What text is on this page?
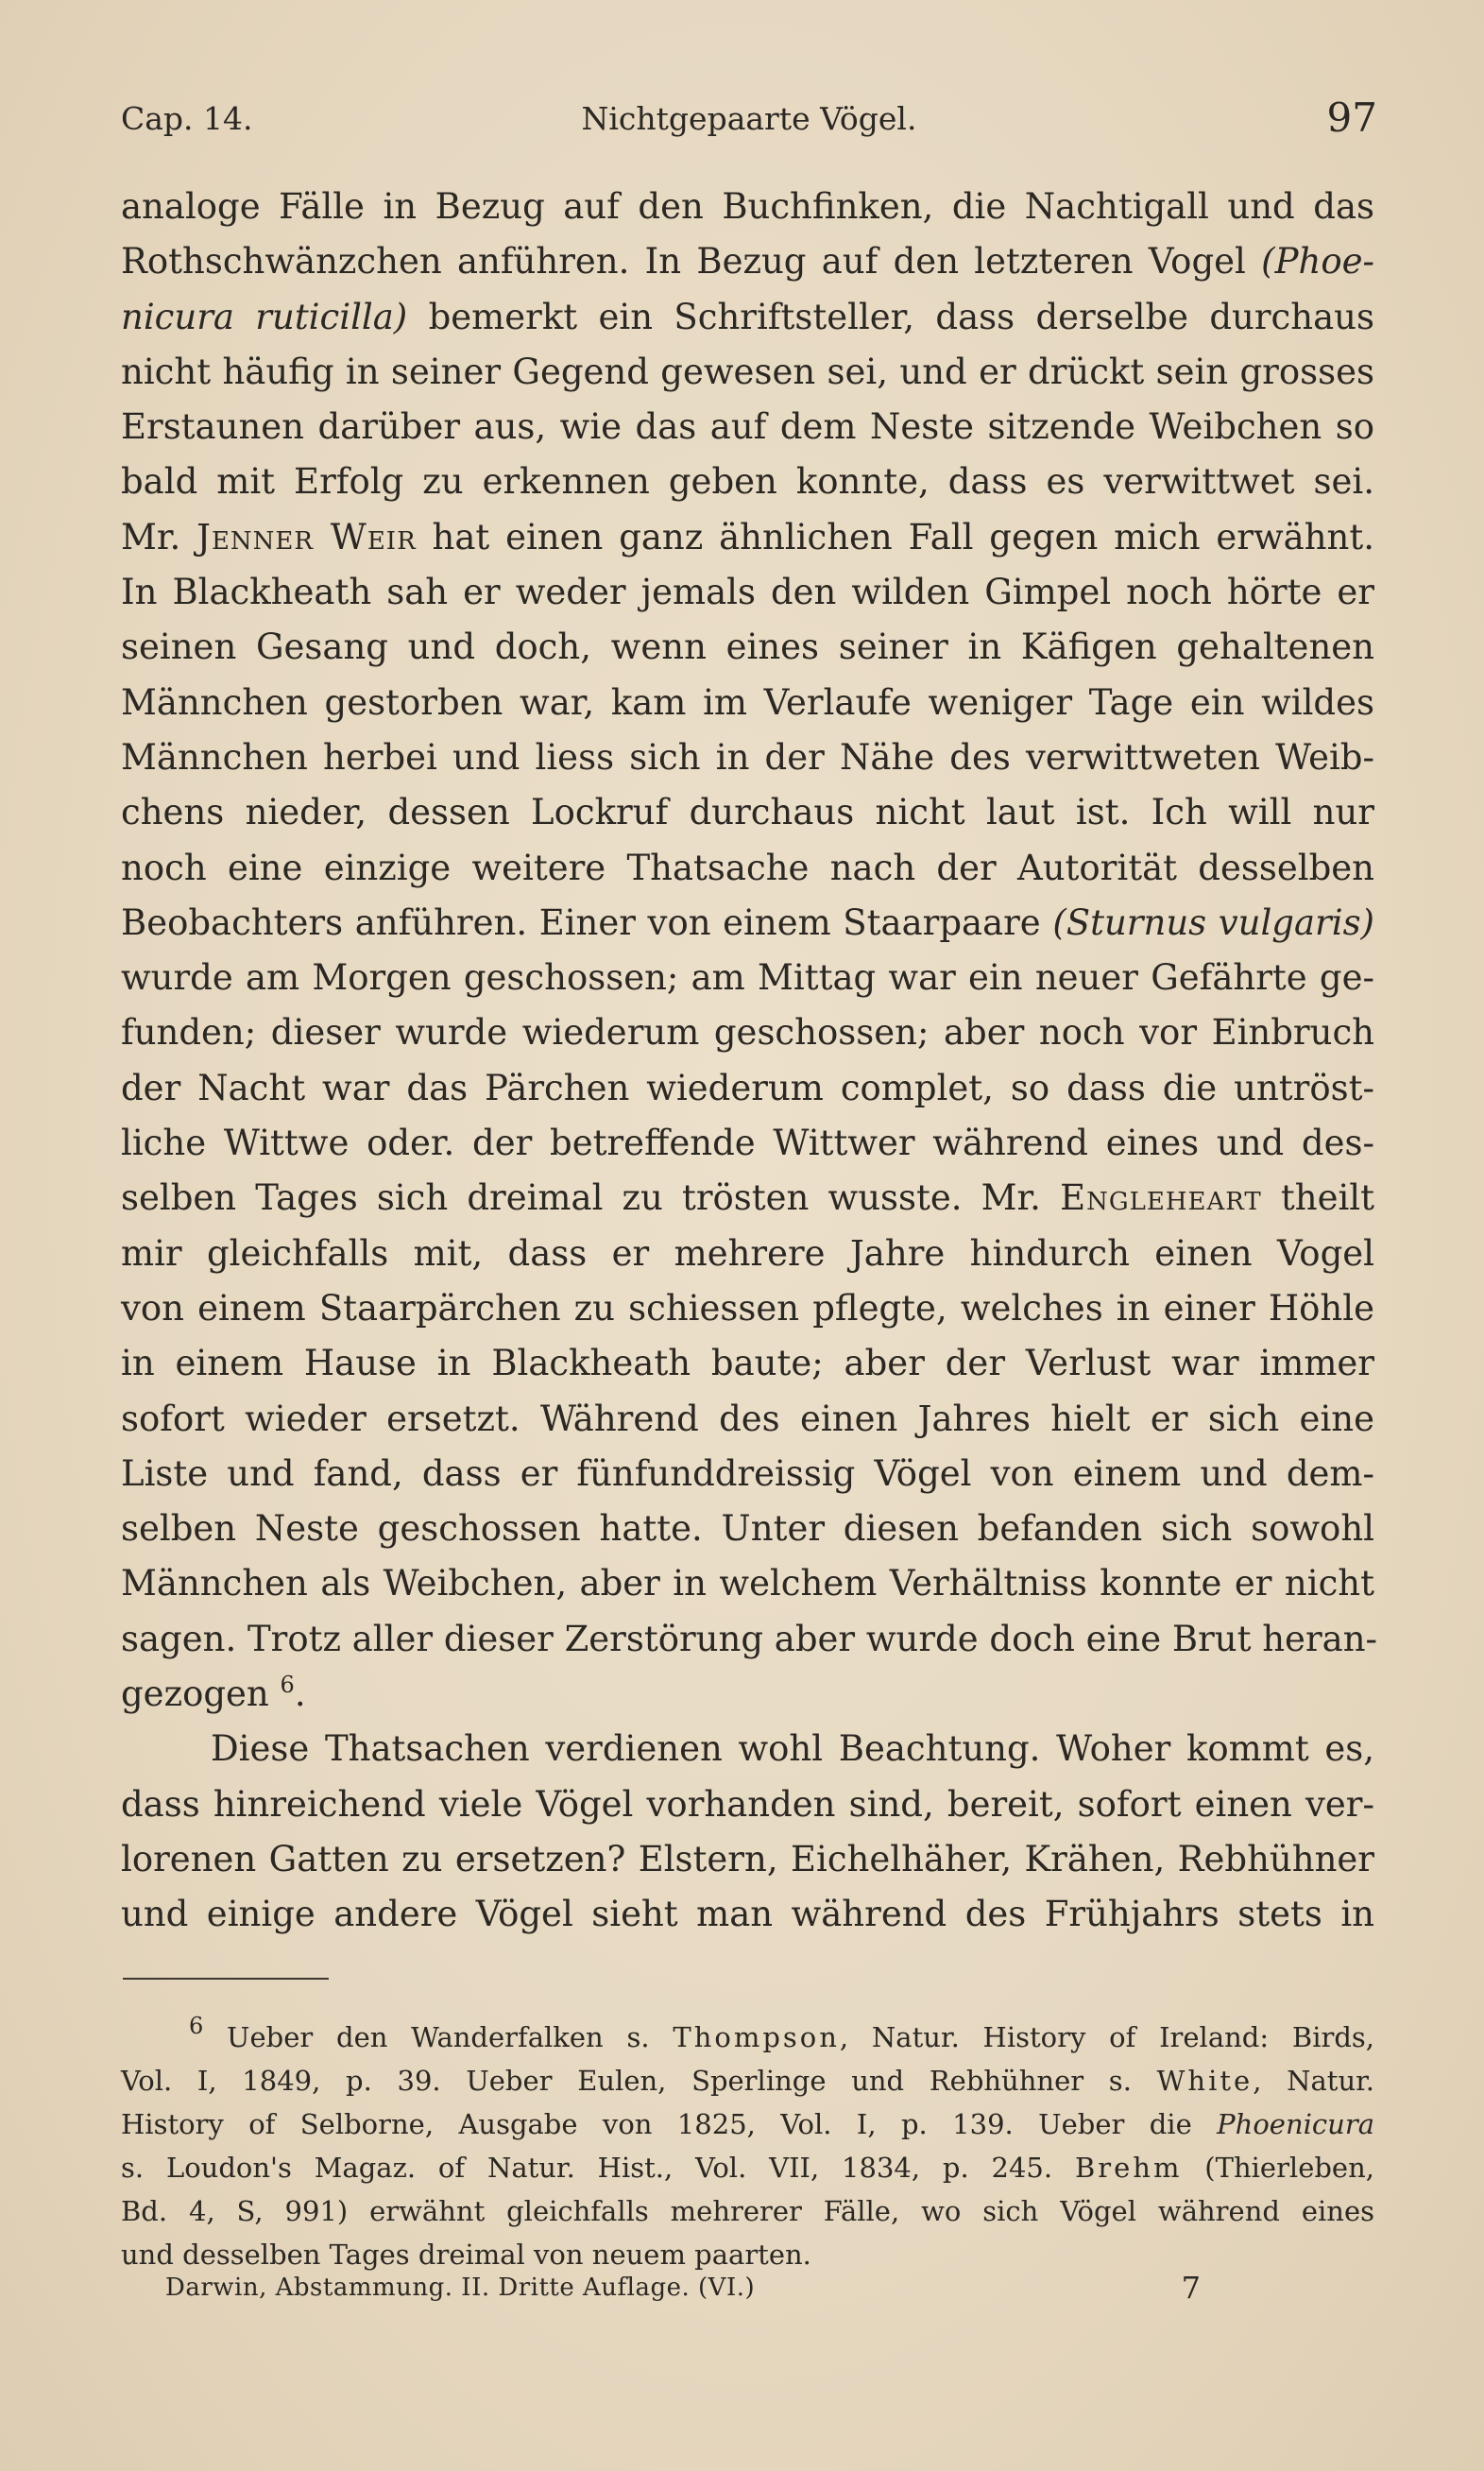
Cap. 14.	Nichtgepaarte Vögel.	97
analoge Fälle in Bezug auf den Buchfinken, die Nachtigall und das
Rothschwänzchen anführen. In Bezug auf den letzteren Vogel (Phoe-
nicura ruticilla) bemerkt ein Schriftsteller, dass derselbe durchaus
nicht häufig in seiner Gegend gewesen sei, und er drückt sein grosses
Erstaunen darüber aus, wie das auf dem Neste sitzende Weibchen so
bald mit Erfolg zu erkennen geben konnte, dass es verwittwet sei.
Mr. Jenner Weir hat einen ganz ähnlichen Fall gegen mich erwähnt.
In Blackheath sah er weder jemals den wilden Gimpel noch hörte er
seinen Gesang und doch, wenn eines seiner in Käfigen gehaltenen
Männchen gestorben war, kam im Verlaufe weniger Tage ein wildes
Männchen herbei und liess sich in der Nähe des verwittweten Weib-
chens nieder, dessen Lockruf durchaus nicht laut ist. Ich will nur
noch eine einzige weitere Thatsache nach der Autorität desselben
Beobachters anführen. Einer von einem Staarpaare (Sturnus vulgaris)
wurde am Morgen geschossen; am Mittag war ein neuer Gefährte ge-
funden; dieser wurde wiederum geschossen; aber noch vor Einbruch
der Nacht war das Pärchen wiederum complet, so dass die untröst-
liche Wittwe oder. der betreffende Wittwer während eines und des-
selben Tages sich dreimal zu trösten wusste. Mr. Engleheart theilt
mir gleichfalls mit, dass er mehrere Jahre hindurch einen Vogel
von einem Staarpärchen zu schiessen pflegte, welches in einer Höhle
in einem Hause in Blackheath baute; aber der Verlust war immer
sofort wieder ersetzt. Während des einen Jahres hielt er sich eine
Liste und fand, dass er fünfunddreissig Vögel von einem und dem-
selben Neste geschossen hatte. Unter diesen befanden sich sowohl
Männchen als Weibchen, aber in welchem Verhältniss konnte er nicht
sagen. Trotz aller dieser Zerstörung aber wurde doch eine Brut heran-
gezogen $^6$.
Diese Thatsachen verdienen wohl Beachtung. Woher kommt es,
dass hinreichend viele Vögel vorhanden sind, bereit, sofort einen ver-
lorenen Gatten zu ersetzen? Elstern, Eichelhäher, Krähen, Rebhühner
und einige andere Vögel sieht man während des Frühjahrs stets in
$^6$ Ueber den Wanderfalken s. Thompson, Natur. History of Ireland: Birds,
Vol. I, 1849, p. 39. Ueber Eulen, Sperlinge und Rebhühner s. White, Natur.
History of Selborne, Ausgabe von 1825, Vol. I, p. 139. Ueber die Phoenicura
s. Loudon's Magaz. of Natur. Hist., Vol. VII, 1834, p. 245. Brehm (Thierleben,
Bd. 4, S, 991) erwähnt gleichfalls mehrerer Fälle, wo sich Vögel während eines
und desselben Tages dreimal von neuem paarten.
Darwin, Abstammung. II. Dritte Auflage. (VI.)	7
